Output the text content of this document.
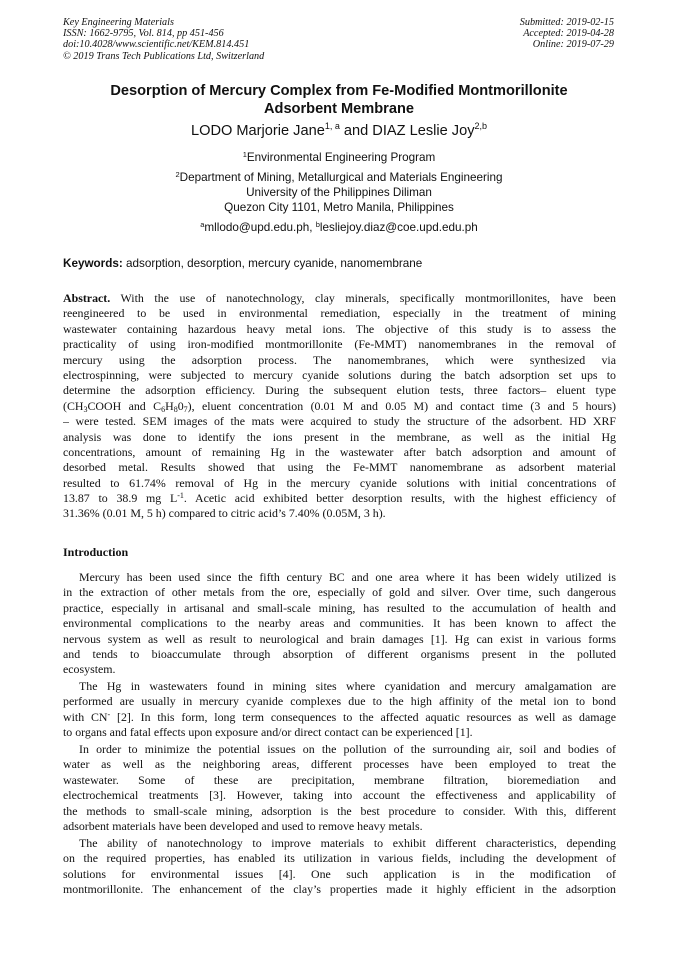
Key Engineering Materials
ISSN: 1662-9795, Vol. 814, pp 451-456
doi:10.4028/www.scientific.net/KEM.814.451
© 2019 Trans Tech Publications Ltd, Switzerland
Submitted: 2019-02-15
Accepted: 2019-04-28
Online: 2019-07-29
Desorption of Mercury Complex from Fe-Modified Montmorillonite
Adsorbent Membrane
LODO Marjorie Jane$^{1, a}$ and DIAZ Leslie Joy$^{2,b}$
$^1$Environmental Engineering Program
$^2$Department of Mining, Metallurgical and Materials Engineering
University of the Philippines Diliman
Quezon City 1101, Metro Manila, Philippines
$^a$mllodo@upd.edu.ph, $^b$lesliejoy.diaz@coe.upd.edu.ph
Keywords: adsorption, desorption, mercury cyanide, nanomembrane
Abstract. With the use of nanotechnology, clay minerals, specifically montmorillonites, have been
reengineered to be used in environmental remediation, especially in the treatment of mining
wastewater containing hazardous heavy metal ions. The objective of this study is to assess the
practicality of using iron-modified montmorillonite (Fe-MMT) nanomembranes in the removal of
mercury using the adsorption process. The nanomembranes, which were synthesized via
electrospinning, were subjected to mercury cyanide solutions during the batch adsorption set ups to
determine the adsorption efficiency. During the subsequent elution tests, three factors– eluent type
($CH_3COOH$ and $C_6H_80_7$), eluent concentration (0.01 M and 0.05 M) and contact time (3 and 5 hours)
– were tested. SEM images of the mats were acquired to study the structure of the adsorbent. HD XRF
analysis was done to identify the ions present in the membrane, as well as the initial Hg
concentrations, amount of remaining Hg in the wastewater after batch adsorption and amount of
desorbed metal. Results showed that using the Fe-MMT nanomembrane as adsorbent material
resulted to 61.74% removal of Hg in the mercury cyanide solutions with initial concentrations of
13.87 to 38.9 mg $L^{-1}$. Acetic acid exhibited better desorption results, with the highest efficiency of
31.36% (0.01 M, 5 h) compared to citric acid’s 7.40% (0.05M, 3 h).
Introduction
Mercury has been used since the fifth century BC and one area where it has been widely utilized is
in the extraction of other metals from the ore, especially of gold and silver. Over time, such dangerous
practice, especially in artisanal and small-scale mining, has resulted to the accumulation of health and
environmental complications to the nearby areas and communities. It has been known to affect the
nervous system as well as result to neurological and brain damages [1]. Hg can exist in various forms
and tends to bioaccumulate through absorption of different organisms present in the polluted
ecosystem.
The Hg in wastewaters found in mining sites where cyanidation and mercury amalgamation are
performed are usually in mercury cyanide complexes due to the high affinity of the metal ion to bond
with CN- [2]. In this form, long term consequences to the affected aquatic resources as well as damage
to organs and fatal effects upon exposure and/or direct contact can be experienced [1].
In order to minimize the potential issues on the pollution of the surrounding air, soil and bodies of
water as well as the neighboring areas, different processes have been employed to treat the
wastewater. Some of these are precipitation, membrane filtration, bioremediation and
electrochemical treatments [3]. However, taking into account the effectiveness and applicability of
the methods to small-scale mining, adsorption is the best procedure to consider. With this, different
adsorbent materials have been developed and used to remove heavy metals.
The ability of nanotechnology to improve materials to exhibit different characteristics, depending
on the required properties, has enabled its utilization in various fields, including the development of
solutions for environmental issues [4]. One such application is in the modification of
montmorillonite. The enhancement of the clay’s properties made it highly efficient in the adsorption
